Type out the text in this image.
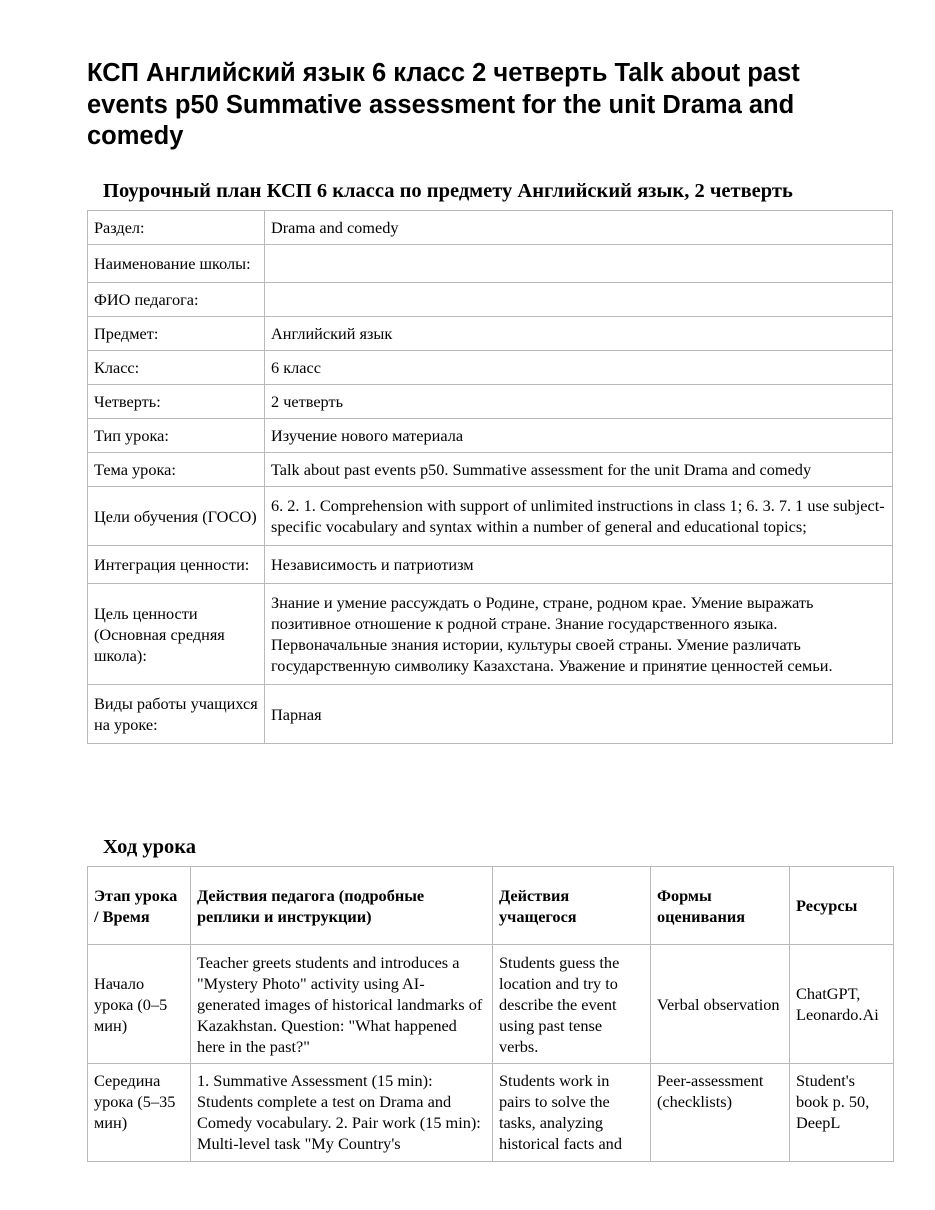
КСП Английский язык 6 класс 2 четверть Talk about past events p50 Summative assessment for the unit Drama and comedy
Поурочный план КСП 6 класса по предмету Английский язык, 2 четверть
Раздел:	Drama and comedy
Наименование школы:	
ФИО педагога:	
Предмет:	Английский язык
Класс:	6 класс
Четверть:	2 четверть
Тип урока:	Изучение нового материала
Тема урока:	Talk about past events p50. Summative assessment for the unit Drama and comedy
Цели обучения (ГОСО)	6. 2. 1. Comprehension with support of unlimited instructions in class 1; 6. 3. 7. 1 use subject-specific vocabulary and syntax within a number of general and educational topics;
Интеграция ценности:	Независимость и патриотизм
Цель ценности (Основная средняя школа):	Знание и умение рассуждать о Родине, стране, родном крае. Умение выражать позитивное отношение к родной стране. Знание государственного языка. Первоначальные знания истории, культуры своей страны. Умение различать государственную символику Казахстана. Уважение и принятие ценностей семьи.
Виды работы учащихся на уроке:	Парная
Ход урока
Этап урока / Время	Действия педагога (подробные реплики и инструкции)	Действия учащегося	Формы оценивания	Ресурсы
Начало урока (0–5 мин)	Teacher greets students and introduces a "Mystery Photo" activity using AI-generated images of historical landmarks of Kazakhstan. Question: "What happened here in the past?"	Students guess the location and try to describe the event using past tense verbs.	Verbal observation	ChatGPT, Leonardo.Ai

Середина урока (5–35 мин)	1. Summative Assessment (15 min): Students complete a test on Drama and Comedy vocabulary. 2. Pair work (15 min): Multi-level task "My Country's	Students work in pairs to solve the tasks, analyzing historical facts and	Peer-assessment (checklists)	Student's book p. 50, DeepL
